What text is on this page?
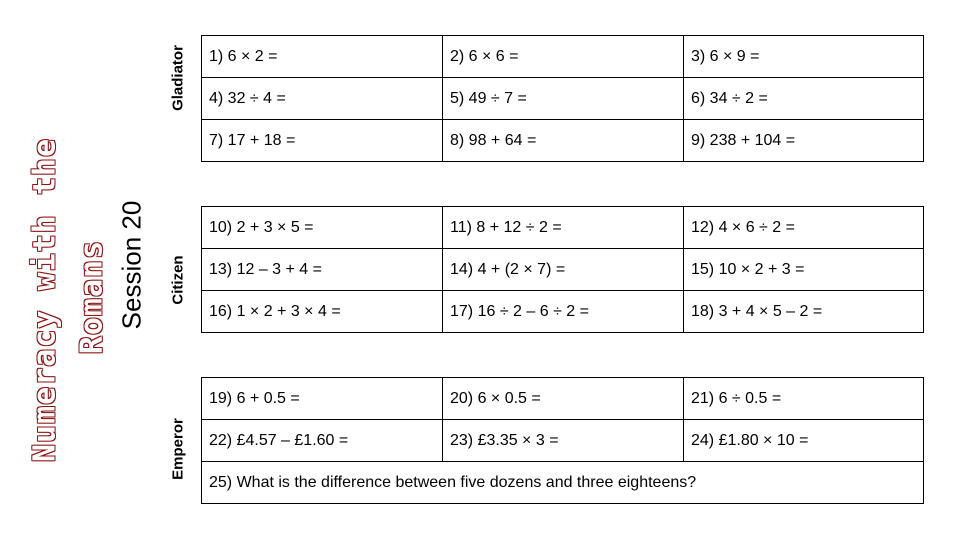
Numeracy with the Romans Session 20
Gladiator
Citizen
Emperor
1) 6 × 2 =	2) 6 × 6 =	3) 6 × 9 =
4) 32 ÷ 4 =	5) 49 ÷ 7 =	6) 34 ÷ 2 =
7) 17 + 18 =	8) 98 + 64 =	9) 238 + 104 =
10) 2 + 3 × 5 =	11) 8 + 12 ÷ 2 =	12) 4 × 6 ÷ 2 =
13) 12 – 3 + 4 =	14) 4 + (2 × 7) =	15) 10 × 2 + 3 =
16) 1 × 2 + 3 × 4 =	17) 16 ÷ 2 – 6 ÷ 2 =	18) 3 + 4 × 5 – 2 =
19) 6 + 0.5 =	20) 6 × 0.5 =	21) 6 ÷ 0.5 =
22) £4.57 – £1.60 =	23) £3.35 × 3 =	24) £1.80 × 10 =
25) What is the difference between five dozens and three eighteens?		
